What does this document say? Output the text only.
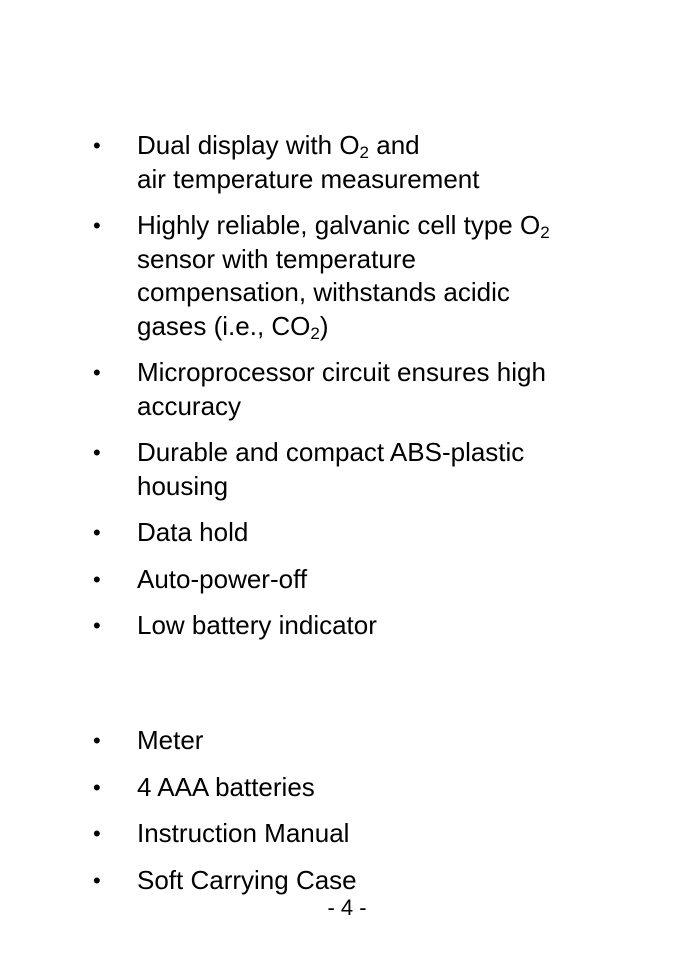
• Dual display with $O_2$ and
air temperature measurement
• Highly reliable, galvanic cell type $O_2$
sensor with temperature
compensation, withstands acidic
gases (i.e., $CO_2$)
• Microprocessor circuit ensures high
accuracy
• Durable and compact ABS-plastic
housing
• Data hold
• Auto-power-off
• Low battery indicator
• Meter
• 4 AAA batteries
• Instruction Manual
• Soft Carrying Case
- 4 -
